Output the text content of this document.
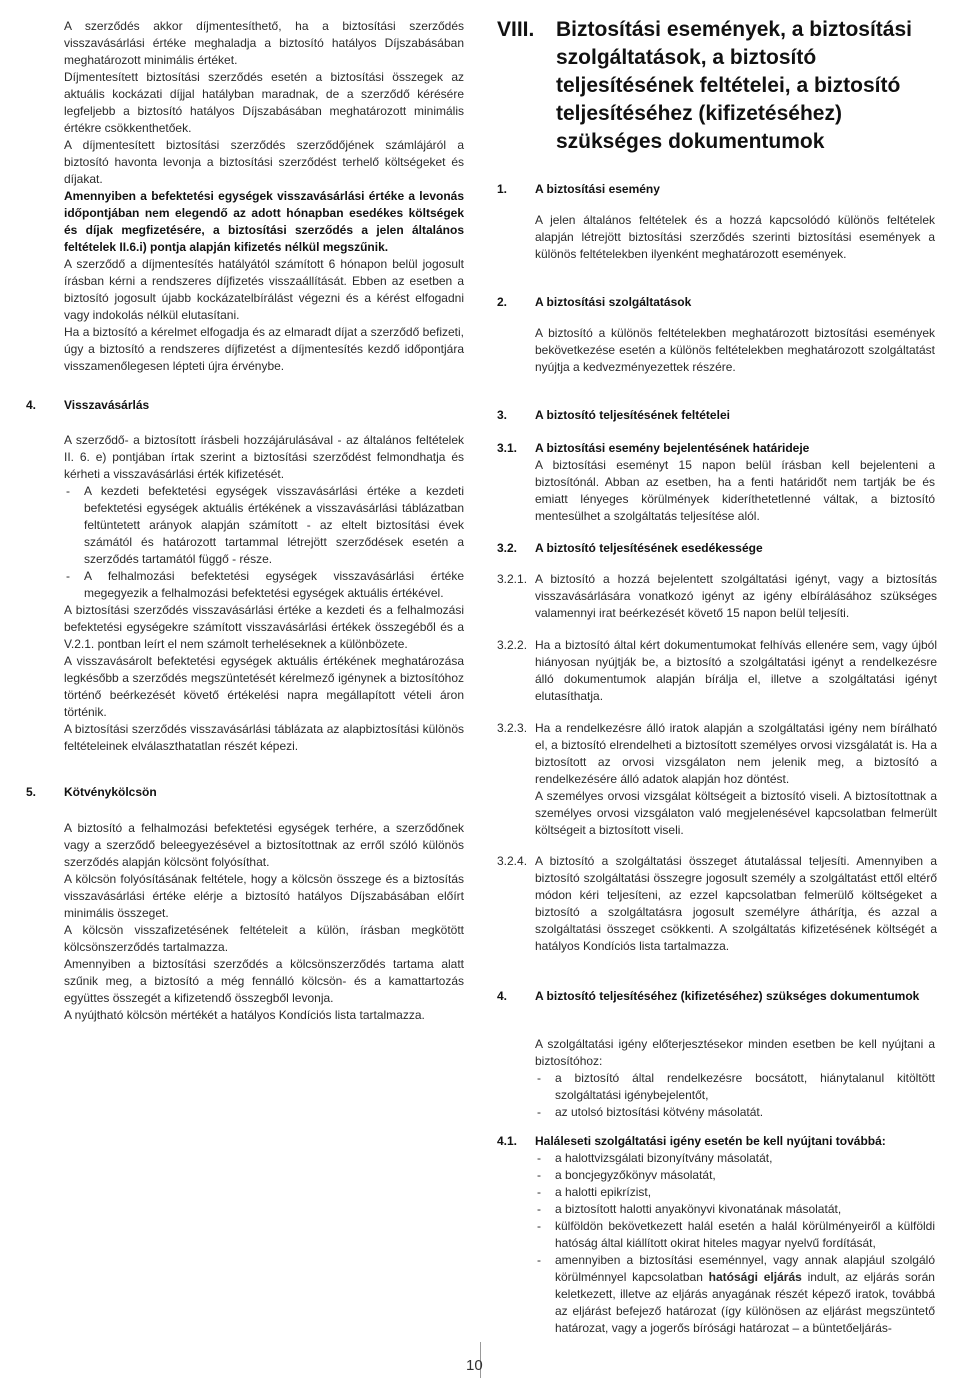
A szerződés akkor díjmentesíthető, ha a biztosítási szerződés visszavásárlási értéke meghaladja a biztosító hatályos Díjszabásában meghatározott minimális értéket.

Díjmentesített biztosítási szerződés esetén a biztosítási összegek az aktuális kockázati díjjal hatályban maradnak, de a szerződő kérésére legfeljebb a biztosító hatályos Díjszabásában meghatározott minimális értékre csökkenthetőek.

A díjmentesített biztosítási szerződés szerződőjének számlájáról a biztosító havonta levonja a biztosítási szerződést terhelő költségeket és díjakat.

Amennyiben a befektetési egységek visszavásárlási értéke a levonás időpontjában nem elegendő az adott hónapban esedékes költségek és díjak megfizetésére, a biztosítási szerződés a jelen általános feltételek II.6.i) pontja alapján kifizetés nélkül megszűnik.

A szerződő a díjmentesítés hatályától számított 6 hónapon belül jogosult írásban kérni a rendszeres díjfizetés visszaállítását. Ebben az esetben a biztosító jogosult újabb kockázatelbírálást végezni és a kérést elfogadni vagy indokolás nélkül elutasítani.

Ha a biztosító a kérelmet elfogadja és az elmaradt díjat a szerződő befizeti, úgy a biztosító a rendszeres díjfizetést a díjmentesítés kezdő időpontjára visszamenőlegesen lépteti újra érvénybe.

4. Visszavásárlás

A szerződő- a biztosított írásbeli hozzájárulásával - az általános feltételek II. 6. e) pontjában írtak szerint a biztosítási szerződést felmondhatja és kérheti a visszavásárlási érték kifizetését.

- A kezdeti befektetési egységek visszavásárlási értéke a kezdeti befektetési egységek aktuális értékének a visszavásárlási táblázatban feltüntetett arányok alapján számított - az eltelt biztosítási évek számától és határozott tartammal létrejött szerződések esetén a szerződés tartamától függő - része.

- A felhalmozási befektetési egységek visszavásárlási értéke megegyezik a felhalmozási befektetési egységek aktuális értékével.

A biztosítási szerződés visszavásárlási értéke a kezdeti és a felhalmozási befektetési egységekre számított visszavásárlási értékek összegéből és a V.2.1. pontban leírt el nem számolt terheléseknek a különbözete.

A visszavásárolt befektetési egységek aktuális értékének meghatározása legkésőbb a szerződés megszüntetését kérelmező igénynek a biztosítóhoz történő beérkezését követő értékelési napra megállapított vételi áron történik.

A biztosítási szerződés visszavásárlási táblázata az alapbiztosítási különös feltételeinek elválaszthatatlan részét képezi.

5. Kötvénykölcsön

A biztosító a felhalmozási befektetési egységek terhére, a szerződőnek vagy a szerződő beleegyezésével a biztosítottnak az erről szóló különös szerződés alapján kölcsönt folyósíthat.

A kölcsön folyósításának feltétele, hogy a kölcsön összege és a biztosítás visszavásárlási értéke elérje a biztosító hatályos Díjszabásában előírt minimális összeget.

A kölcsön visszafizetésének feltételeit a külön, írásban megkötött kölcsönszerződés tartalmazza.

Amennyiben a biztosítási szerződés a kölcsönszerződés tartama alatt szűnik meg, a biztosító a még fennálló kölcsön- és a kamattartozás együttes összegét a kifizetendő összegből levonja.

A nyújtható kölcsön mértékét a hatályos Kondíciós lista tartalmazza.

VIII. Biztosítási események, a biztosítási szolgáltatások, a biztosító teljesítésének feltételei, a biztosító teljesítéséhez (kifizetéséhez) szükséges dokumentumok
1. A biztosítási esemény

A jelen általános feltételek és a hozzá kapcsolódó különös feltételek alapján létrejött biztosítási szerződés szerinti biztosítási események a különös feltételekben ilyenként meghatározott események.

2. A biztosítási szolgáltatások

A biztosító a különös feltételekben meghatározott biztosítási események bekövetkezése esetén a különös feltételekben meghatározott szolgáltatást nyújtja a kedvezményezettek részére.

3. A biztosító teljesítésének feltételei
3.1. A biztosítási esemény bejelentésének határideje

A biztosítási eseményt 15 napon belül írásban kell bejelenteni a biztosítónál. Abban az esetben, ha a fenti határidőt nem tartják be és emiatt lényeges körülmények kideríthetetlenné váltak, a biztosító mentesülhet a szolgáltatás teljesítése alól.

3.2. A biztosító teljesítésének esedékessége
3.2.1. A biztosító a hozzá bejelentett szolgáltatási igényt, vagy a biztosítás visszavásárlására vonatkozó igényt az igény elbírálásához szükséges valamennyi irat beérkezését követő 15 napon belül teljesíti.

3.2.2. Ha a biztosító által kért dokumentumokat felhívás ellenére sem, vagy újból hiányosan nyújtják be, a biztosító a szolgáltatási igényt a rendelkezésre álló dokumentumok alapján bírálja el, illetve a szolgáltatási igényt elutasíthatja.

3.2.3. Ha a rendelkezésre álló iratok alapján a szolgáltatási igény nem bírálható el, a biztosító elrendelheti a biztosított személyes orvosi vizsgálatát is. Ha a biztosított az orvosi vizsgálaton nem jelenik meg, a biztosító a rendelkezésére álló adatok alapján hoz döntést.

A személyes orvosi vizsgálat költségeit a biztosító viseli. A biztosítottnak a személyes orvosi vizsgálaton való megjelenésével kapcsolatban felmerült költségeit a biztosított viseli.

3.2.4. A biztosító a szolgáltatási összeget átutalással teljesíti. Amennyiben a biztosító szolgáltatási összegre jogosult személy a szolgáltatást ettől eltérő módon kéri teljesíteni, az ezzel kapcsolatban felmerülő költségeket a biztosító a szolgáltatásra jogosult személyre áthárítja, és azzal a szolgáltatási összeget csökkenti. A szolgáltatás kifizetésének költségét a hatályos Kondíciós lista tartalmazza.

4. A biztosító teljesítéséhez (kifizetéséhez) szükséges dokumentumok

A szolgáltatási igény előterjesztésekor minden esetben be kell nyújtani a biztosítóhoz:

- a biztosító által rendelkezésre bocsátott, hiánytalanul kitöltött szolgáltatási igénybejelentőt,

- az utolsó biztosítási kötvény másolatát.

4.1. Haláleseti szolgáltatási igény esetén be kell nyújtani továbbá:

- a halottvizsgálati bizonyítvány másolatát,

- a boncjegyzőkönyv másolatát,

- a halotti epikrízist,

- a biztosított halotti anyakönyvi kivonatának másolatát,

- külföldön bekövetkezett halál esetén a halál körülményeiről a külföldi hatóság által kiállított okirat hiteles magyar nyelvű fordítását,

- amennyiben a biztosítási eseménnyel, vagy annak alapjául szolgáló körülménnyel kapcsolatban hatósági eljárás indult, az eljárás során keletkezett, illetve az eljárás anyagának részét képező iratok, továbbá az eljárást befejező határozat (így különösen az eljárást megszüntető határozat, vagy a jogerős bírósági határozat – a büntetőeljárás-

10
